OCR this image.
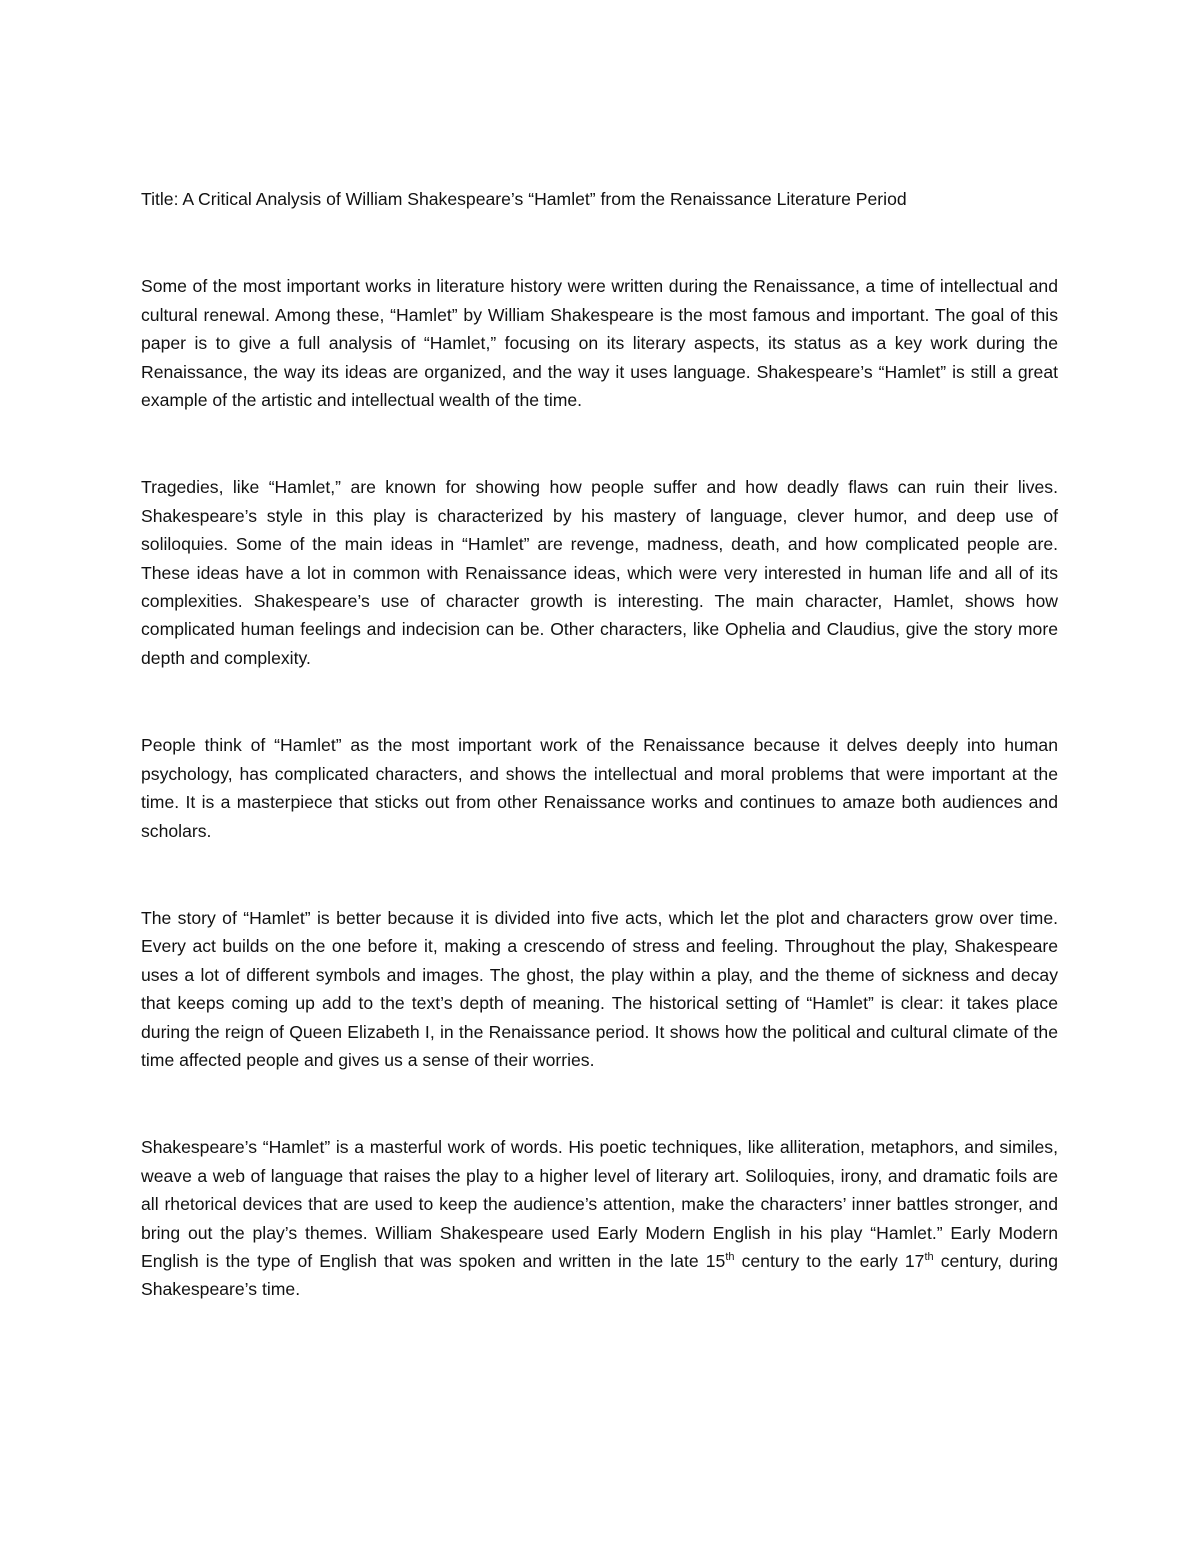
Title: A Critical Analysis of William Shakespeare’s “Hamlet” from the Renaissance Literature Period

Some of the most important works in literature history were written during the Renaissance, a time of intellectual and cultural renewal. Among these, “Hamlet” by William Shakespeare is the most famous and important. The goal of this paper is to give a full analysis of “Hamlet,” focusing on its literary aspects, its status as a key work during the Renaissance, the way its ideas are organized, and the way it uses language. Shakespeare’s “Hamlet” is still a great example of the artistic and intellectual wealth of the time.

Tragedies, like “Hamlet,” are known for showing how people suffer and how deadly flaws can ruin their lives. Shakespeare’s style in this play is characterized by his mastery of language, clever humor, and deep use of soliloquies. Some of the main ideas in “Hamlet” are revenge, madness, death, and how complicated people are. These ideas have a lot in common with Renaissance ideas, which were very interested in human life and all of its complexities. Shakespeare’s use of character growth is interesting. The main character, Hamlet, shows how complicated human feelings and indecision can be. Other characters, like Ophelia and Claudius, give the story more depth and complexity.

People think of “Hamlet” as the most important work of the Renaissance because it delves deeply into human psychology, has complicated characters, and shows the intellectual and moral problems that were important at the time. It is a masterpiece that sticks out from other Renaissance works and continues to amaze both audiences and scholars.

The story of “Hamlet” is better because it is divided into five acts, which let the plot and characters grow over time. Every act builds on the one before it, making a crescendo of stress and feeling. Throughout the play, Shakespeare uses a lot of different symbols and images. The ghost, the play within a play, and the theme of sickness and decay that keeps coming up add to the text’s depth of meaning. The historical setting of “Hamlet” is clear: it takes place during the reign of Queen Elizabeth I, in the Renaissance period. It shows how the political and cultural climate of the time affected people and gives us a sense of their worries.

Shakespeare’s “Hamlet” is a masterful work of words. His poetic techniques, like alliteration, metaphors, and similes, weave a web of language that raises the play to a higher level of literary art. Soliloquies, irony, and dramatic foils are all rhetorical devices that are used to keep the audience’s attention, make the characters’ inner battles stronger, and bring out the play’s themes. William Shakespeare used Early Modern English in his play “Hamlet.” Early Modern English is the type of English that was spoken and written in the late 15th century to the early 17th century, during Shakespeare’s time.
